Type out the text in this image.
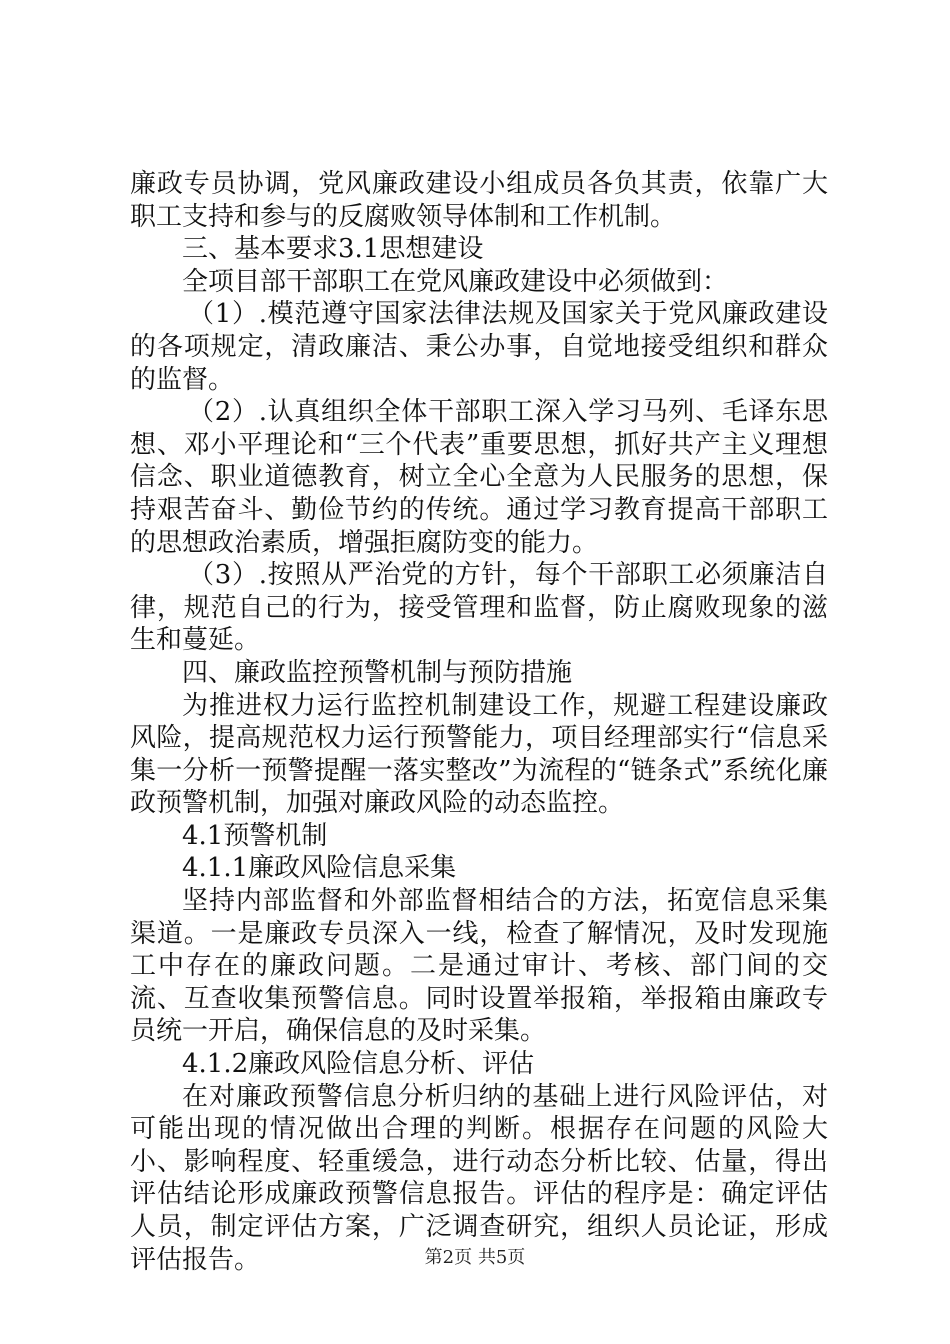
廉政专员协调，党风廉政建设小组成员各负其责，依靠广大职工支持和参与的反腐败领导体制和工作机制。

三、基本要求3.1思想建设

全项目部干部职工在党风廉政建设中必须做到：

（1）.模范遵守国家法律法规及国家关于党风廉政建设的各项规定，清政廉洁、秉公办事，自觉地接受组织和群众的监督。

（2）.认真组织全体干部职工深入学习马列、毛译东思想、邓小平理论和“三个代表”重要思想，抓好共产主义理想信念、职业道德教育，树立全心全意为人民服务的思想，保持艰苦奋斗、勤俭节约的传统。通过学习教育提高干部职工的思想政治素质，增强拒腐防变的能力。

（3）.按照从严治党的方针，每个干部职工必须廉洁自律，规范自己的行为，接受管理和监督，防止腐败现象的滋生和蔓延。

四、廉政监控预警机制与预防措施

为推进权力运行监控机制建设工作，规避工程建设廉政风险，提高规范权力运行预警能力，项目经理部实行“信息采集一分析一预警提醒一落实整改”为流程的“链条式”系统化廉政预警机制，加强对廉政风险的动态监控。

4.1预警机制

4.1.1廉政风险信息采集

坚持内部监督和外部监督相结合的方法，拓宽信息采集渠道。一是廉政专员深入一线，检查了解情况，及时发现施工中存在的廉政问题。二是通过审计、考核、部门间的交流、互查收集预警信息。同时设置举报箱，举报箱由廉政专员统一开启，确保信息的及时采集。

4.1.2廉政风险信息分析、评估

在对廉政预警信息分析归纳的基础上进行风险评估，对可能出现的情况做出合理的判断。根据存在问题的风险大小、影响程度、轻重缓急，进行动态分析比较、估量，得出评估结论形成廉政预警信息报告。评估的程序是：确定评估人员，制定评估方案，广泛调查研究，组织人员论证，形成评估报告。	第2页 共5页
